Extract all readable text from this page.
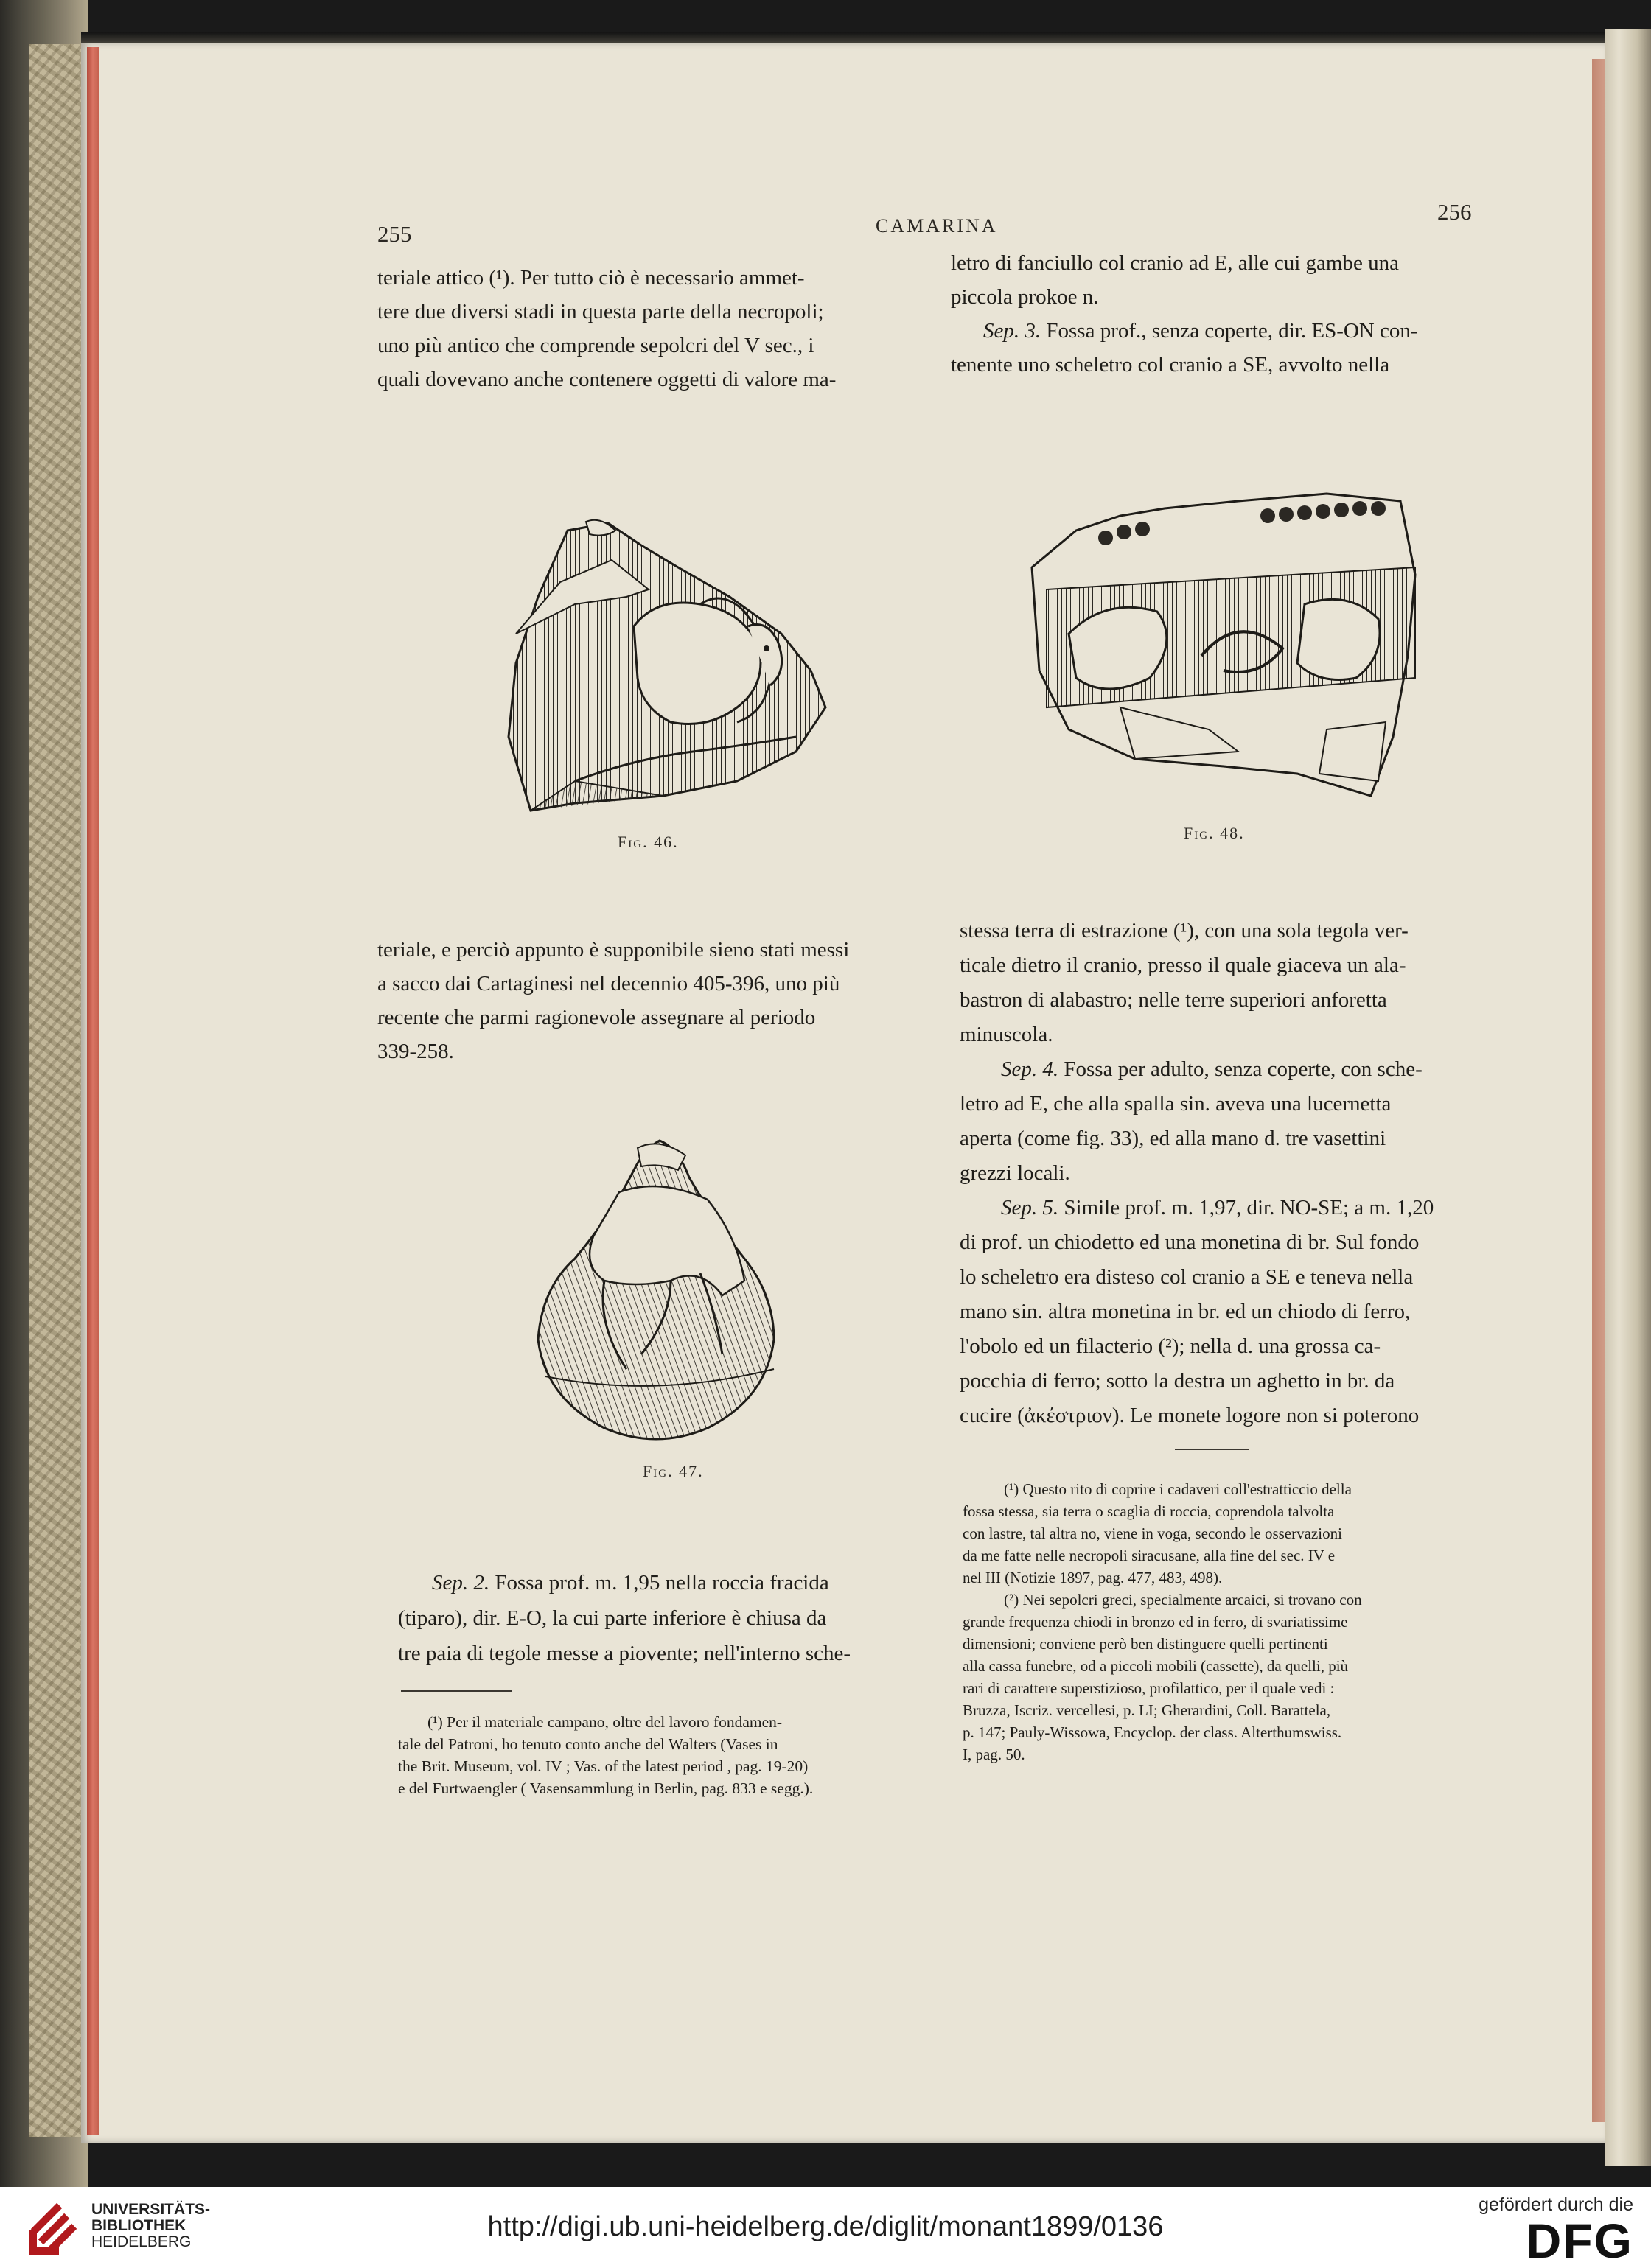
255	CAMARINA
256
teriale attico (¹). Per tutto ciò è necessario ammet-
tere due diversi stadi in questa parte della necropoli;
uno più antico che comprende sepolcri del V sec., i
quali dovevano anche contenere oggetti di valore ma-
letro di fanciullo col cranio ad E, alle cui gambe una
piccola prokoe n.
Sep. 3. Fossa prof., senza coperte, dir. ES-ON con-
tenente uno scheletro col cranio a SE, avvolto nella
Fig. 46.	Fig. 48.
teriale, e perciò appunto è supponibile sieno stati messi
a sacco dai Cartaginesi nel decennio 405-396, uno più
recente che parmi ragionevole assegnare al periodo
339-258.
stessa terra di estrazione (¹), con una sola tegola ver-
ticale dietro il cranio, presso il quale giaceva un ala-
bastron di alabastro; nelle terre superiori anforetta
minuscola.
Sep. 4. Fossa per adulto, senza coperte, con sche-
letro ad E, che alla spalla sin. aveva una lucernetta
aperta (come fig. 33), ed alla mano d. tre vasettini
grezzi locali.
Sep. 5. Simile prof. m. 1,97, dir. NO-SE; a m. 1,20
di prof. un chiodetto ed una monetina di br. Sul fondo
lo scheletro era disteso col cranio a SE e teneva nella
mano sin. altra monetina in br. ed un chiodo di ferro,
l'obolo ed un filacterio (²); nella d. una grossa ca-
pocchia di ferro; sotto la destra un aghetto in br. da
cucire (ἀκέστριον). Le monete logore non si poterono
Fig. 47.
(¹) Questo rito di coprire i cadaveri coll'estratticcio della
fossa stessa, sia terra o scaglia di roccia, coprendola talvolta
con lastre, tal altra no, viene in voga, secondo le osservazioni
da me fatte nelle necropoli siracusane, alla fine del sec. IV e
nel III (Notizie 1897, pag. 477, 483, 498).
(²) Nei sepolcri greci, specialmente arcaici, si trovano con
grande frequenza chiodi in bronzo ed in ferro, di svariatissime
dimensioni; conviene però ben distinguere quelli pertinenti
alla cassa funebre, od a piccoli mobili (cassette), da quelli, più
rari di carattere superstizioso, profilattico, per il quale vedi :
Bruzza, Iscriz. vercellesi, p. LI; Gherardini, Coll. Barattela,
p. 147; Pauly-Wissowa, Encyclop. der class. Alterthumswiss.
I, pag. 50.
Sep. 2. Fossa prof. m. 1,95 nella roccia fracida
(tiparo), dir. E-O, la cui parte inferiore è chiusa da
tre paia di tegole messe a piovente; nell'interno sche-
(¹) Per il materiale campano, oltre del lavoro fondamen-
tale del Patroni, ho tenuto conto anche del Walters (Vases in
the Brit. Museum, vol. IV ; Vas. of the latest period , pag. 19-20)
e del Furtwaengler ( Vasensammlung in Berlin, pag. 833 e segg.).
UNIVERSITÄTS-
BIBLIOTHEK
HEIDELBERG	http://digi.ub.uni-heidelberg.de/diglit/monant1899/0136
gefördert durch die
DFG
